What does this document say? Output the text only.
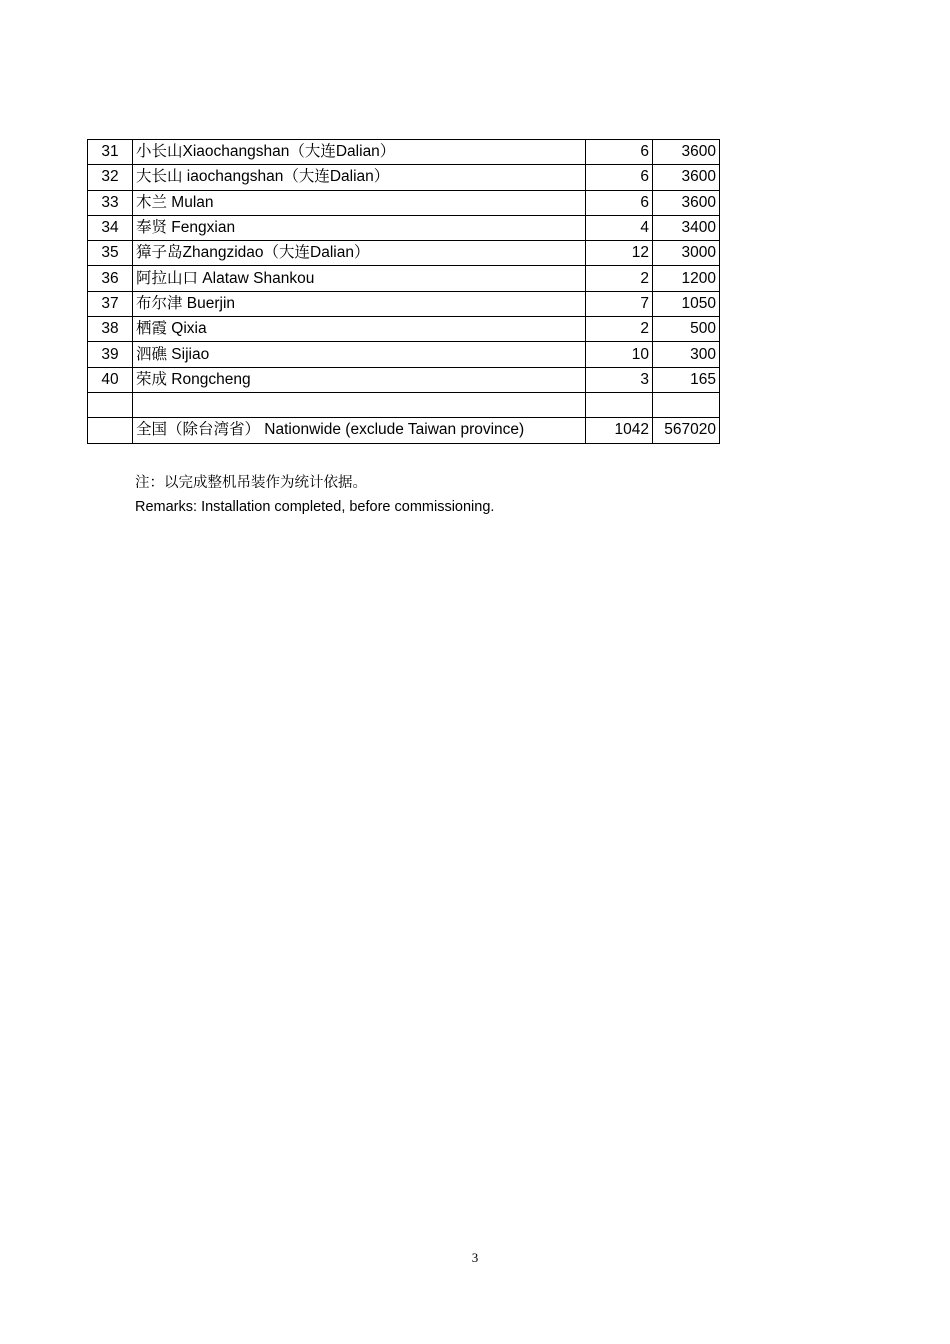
31	小长山Xiaochangshan（大连Dalian）	6	3600
32	大长山 iaochangshan（大连Dalian）	6	3600
33	木兰 Mulan	6	3600
34	奉贤 Fengxian	4	3400
35	獐子岛Zhangzidao（大连Dalian）	12	3000
36	阿拉山口 Alataw Shankou	2	1200
37	布尔津 Buerjin	7	1050
38	栖霞 Qixia	2	500
39	泗礁 Sijiao	10	300
40	荣成 Rongcheng	3	165

	全国（除台湾省） Nationwide (exclude Taiwan province)	1042	567020
注：以完成整机吊装作为统计依据。
Remarks: Installation completed, before commissioning.
3
